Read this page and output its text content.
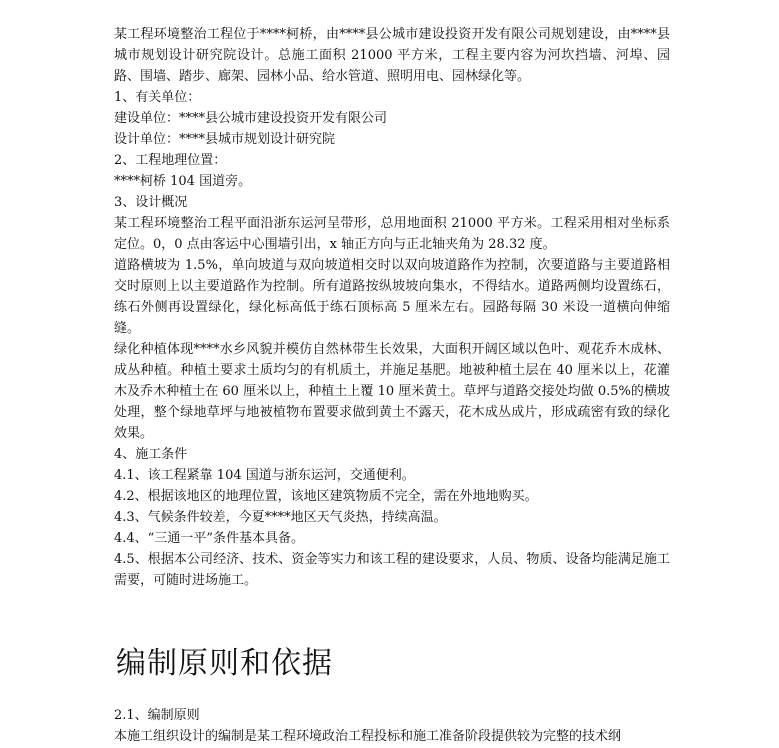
某工程环境整治工程位于****柯桥，由****县公城市建设投资开发有限公司规划建设，由****县城市规划设计研究院设计。总施工面积 21000 平方米，工程主要内容为河坎挡墙、河埠、园路、围墙、踏步、廊架、园林小品、给水管道、照明用电、园林绿化等。

1、有关单位：

建设单位：****县公城市建设投资开发有限公司

设计单位：****县城市规划设计研究院

2、工程地理位置：

****柯桥 104 国道旁。

3、设计概况

某工程环境整治工程平面沿浙东运河呈带形，总用地面积 21000 平方米。工程采用相对坐标系定位。0，0 点由客运中心围墙引出，x 轴正方向与正北轴夹角为 28.32 度。

道路横坡为 1.5%，单向坡道与双向坡道相交时以双向坡道路作为控制，次要道路与主要道路相交时原则上以主要道路作为控制。所有道路按纵坡坡向集水，不得结水。道路两侧均设置练石，练石外侧再设置绿化，绿化标高低于练石顶标高 5 厘米左右。园路每隔 30 米设一道横向伸缩缝。

绿化种植体现****水乡风貌并模仿自然林带生长效果，大面积开阔区域以色叶、观花乔木成林、成丛种植。种植土要求土质均匀的有机质土，并施足基肥。地被种植土层在 40 厘米以上，花灌木及乔木种植土在 60 厘米以上，种植土上覆 10 厘米黄土。草坪与道路交接处均做 0.5%的横坡处理，整个绿地草坪与地被植物布置要求做到黄土不露天，花木成丛成片，形成疏密有致的绿化效果。

4、施工条件

4.1、该工程紧靠 104 国道与浙东运河，交通便利。

4.2、根据该地区的地理位置，该地区建筑物质不完全，需在外地地购买。

4.3、气候条件较差，今夏****地区天气炎热，持续高温。

4.4、“三通一平”条件基本具备。

4.5、根据本公司经济、技术、资金等实力和该工程的建设要求，人员、物质、设备均能满足施工需要，可随时进场施工。

编制原则和依据

2.1、编制原则

本施工组织设计的编制是某工程环境政治工程投标和施工准备阶段提供较为完整的技术纲
